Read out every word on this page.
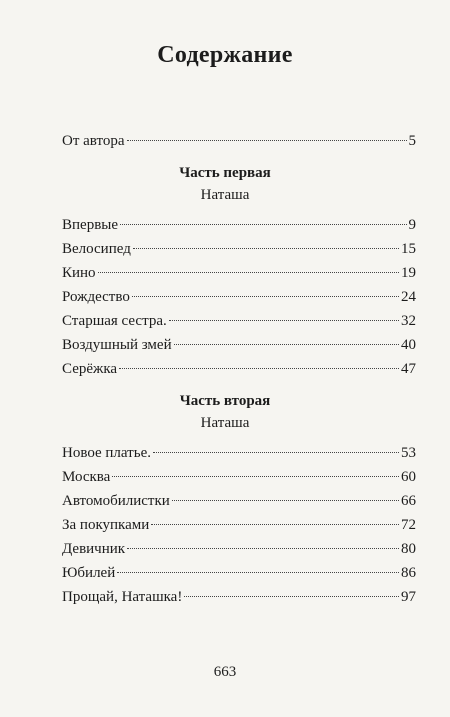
Содержание
От автора	5
Часть первая
Наташа
Впервые	9
Велосипед	15
Кино	19
Рождество	24
Старшая сестра.	32
Воздушный змей	40
Серёжка	47
Часть вторая
Наташа
Новое платье.	53
Москва	60
Автомобилистки	66
За покупками	72
Девичник	80
Юбилей	86
Прощай, Наташка!	97
663
